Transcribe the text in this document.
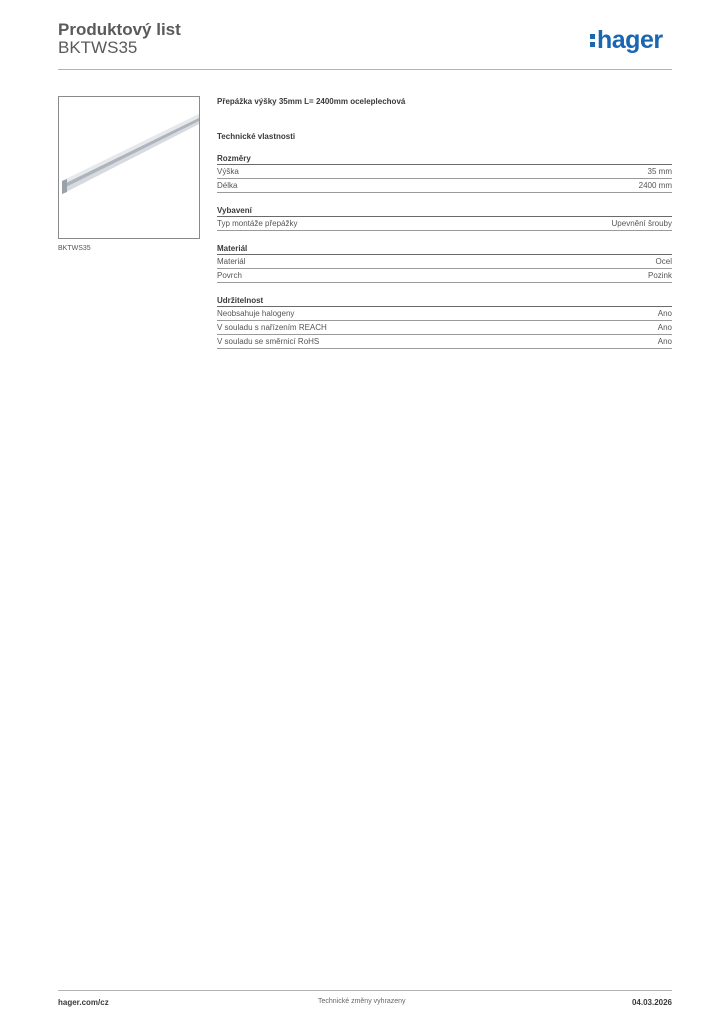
Produktový list
BKTWS35	hager
BKTWS35
Přepážka výšky 35mm L= 2400mm oceleplechová
Technické vlastnosti
Rozměry
Výška	35 mm
Délka	2400 mm
Vybavení
Typ montáže přepážky	Upevnění šrouby
Materiál
Materiál	Ocel
Povrch	Pozink
Udržitelnost
Neobsahuje halogeny	Ano
V souladu s nařízením REACH	Ano
V souladu se směrnicí RoHS	Ano
hager.com/cz	Technické změny vyhrazeny	04.03.2026
